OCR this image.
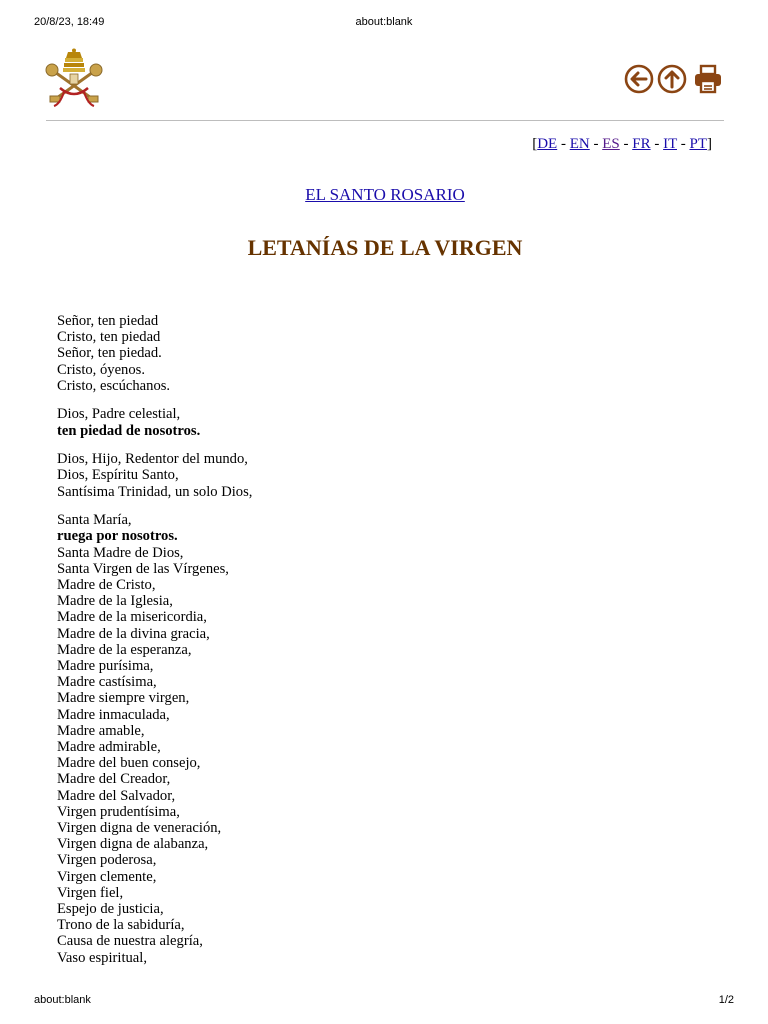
20/8/23, 18:49	about:blank
[DE - EN - ES - FR - IT - PT]
EL SANTO ROSARIO
LETANÍAS DE LA VIRGEN
Señor, ten piedad
Cristo, ten piedad
Señor, ten piedad.
Cristo, óyenos.
Cristo, escúchanos.
Dios, Padre celestial,
ten piedad de nosotros.
Dios, Hijo, Redentor del mundo,
Dios, Espíritu Santo,
Santísima Trinidad, un solo Dios,
Santa María,
ruega por nosotros.
Santa Madre de Dios,
Santa Virgen de las Vírgenes,
Madre de Cristo,
Madre de la Iglesia,
Madre de la misericordia,
Madre de la divina gracia,
Madre de la esperanza,
Madre purísima,
Madre castísima,
Madre siempre virgen,
Madre inmaculada,
Madre amable,
Madre admirable,
Madre del buen consejo,
Madre del Creador,
Madre del Salvador,
Virgen prudentísima,
Virgen digna de veneración,
Virgen digna de alabanza,
Virgen poderosa,
Virgen clemente,
Virgen fiel,
Espejo de justicia,
Trono de la sabiduría,
Causa de nuestra alegría,
Vaso espiritual,
about:blank	1/2
